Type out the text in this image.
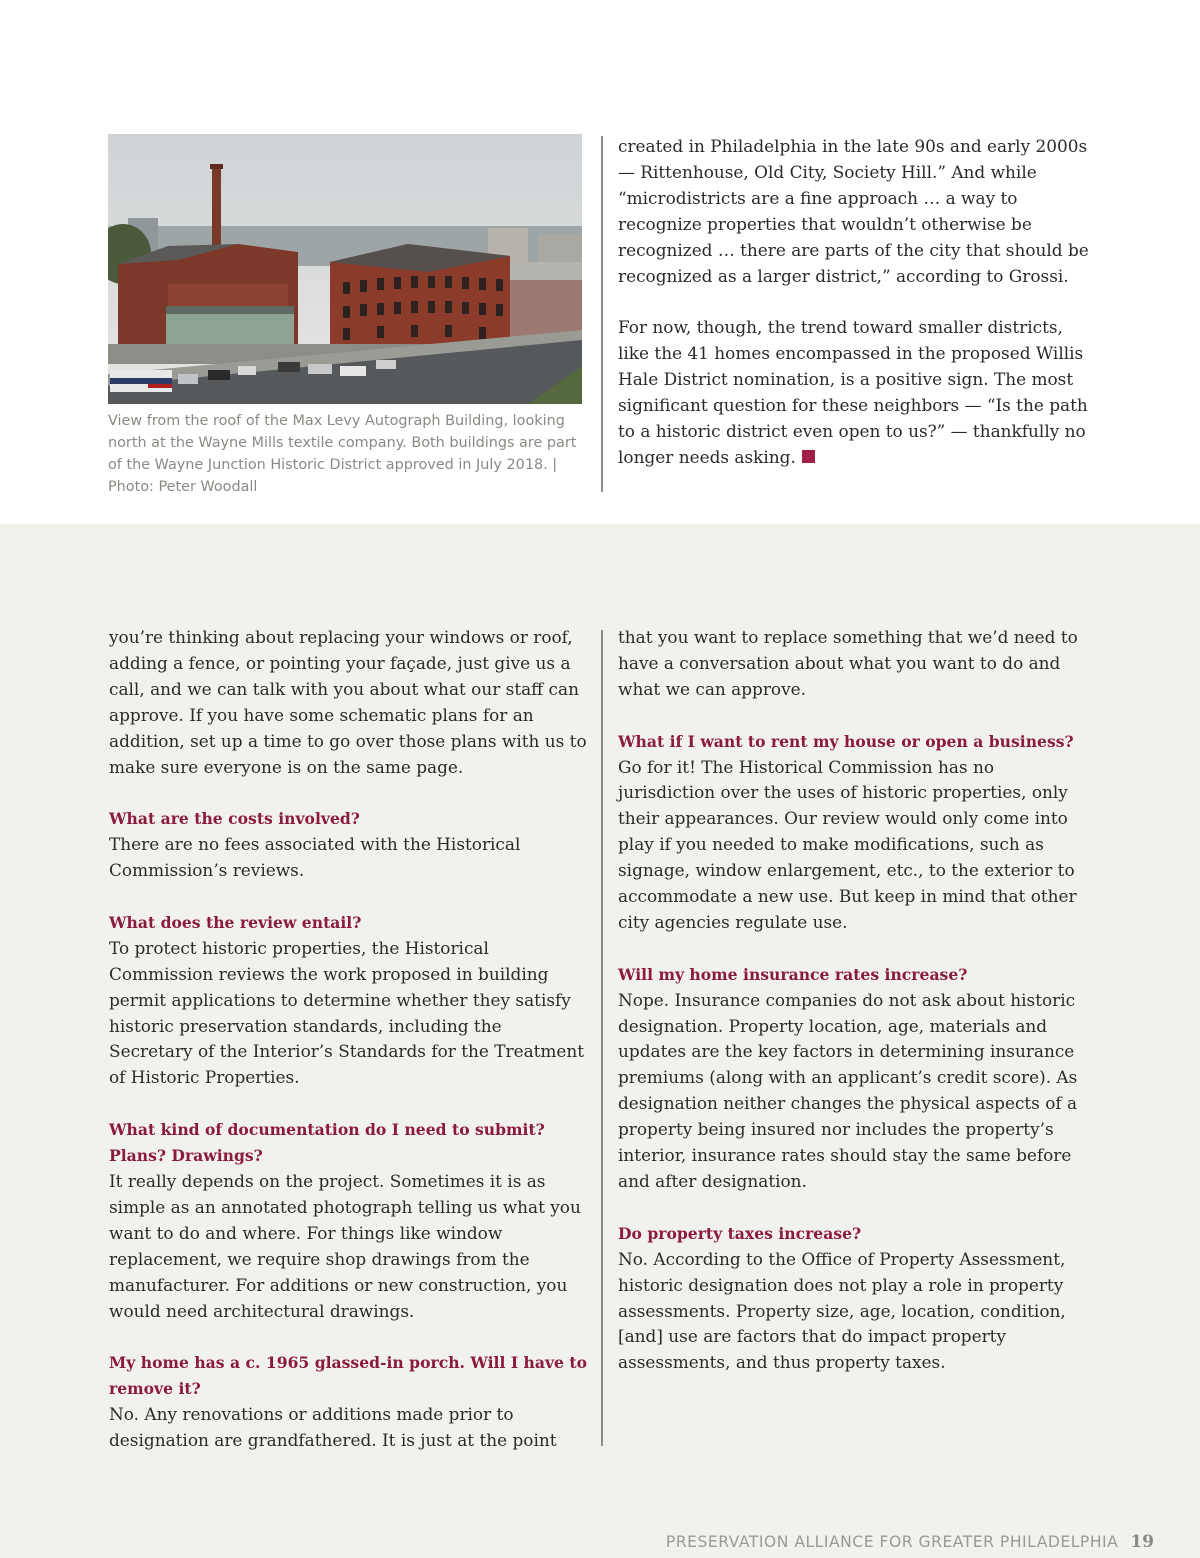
View from the roof of the Max Levy Autograph Building, looking north at the Wayne Mills textile company. Both buildings are part of the Wayne Junction Historic District approved in July 2018. | Photo: Peter Woodall

created in Philadelphia in the late 90s and early 2000s — Rittenhouse, Old City, Society Hill.” And while “microdistricts are a fine approach … a way to recognize properties that wouldn’t otherwise be recognized … there are parts of the city that should be recognized as a larger district,” according to Grossi.

For now, though, the trend toward smaller districts, like the 41 homes encompassed in the proposed Willis Hale District nomination, is a positive sign. The most significant question for these neighbors — “Is the path to a historic district even open to us?” — thankfully no longer needs asking.

you’re thinking about replacing your windows or roof, adding a fence, or pointing your façade, just give us a call, and we can talk with you about what our staff can approve. If you have some schematic plans for an addition, set up a time to go over those plans with us to make sure everyone is on the same page.

What are the costs involved?
There are no fees associated with the Historical Commission’s reviews.

What does the review entail?
To protect historic properties, the Historical Commission reviews the work proposed in building permit applications to determine whether they satisfy historic preservation standards, including the Secretary of the Interior’s Standards for the Treatment of Historic Properties.

What kind of documentation do I need to submit? Plans? Drawings?
It really depends on the project. Sometimes it is as simple as an annotated photograph telling us what you want to do and where. For things like window replacement, we require shop drawings from the manufacturer. For additions or new construction, you would need architectural drawings.

My home has a c. 1965 glassed-in porch. Will I have to remove it?
No. Any renovations or additions made prior to designation are grandfathered. It is just at the point

that you want to replace something that we’d need to have a conversation about what you want to do and what we can approve.

What if I want to rent my house or open a business?
Go for it! The Historical Commission has no jurisdiction over the uses of historic properties, only their appearances. Our review would only come into play if you needed to make modifications, such as signage, window enlargement, etc., to the exterior to accommodate a new use. But keep in mind that other city agencies regulate use.

Will my home insurance rates increase?
Nope. Insurance companies do not ask about historic designation. Property location, age, materials and updates are the key factors in determining insurance premiums (along with an applicant’s credit score). As designation neither changes the physical aspects of a property being insured nor includes the property’s interior, insurance rates should stay the same before and after designation.

Do property taxes increase?
No. According to the Office of Property Assessment, historic designation does not play a role in property assessments. Property size, age, location, condition, [and] use are factors that do impact property assessments, and thus property taxes.

PRESERVATION ALLIANCE FOR GREATER PHILADELPHIA 19
